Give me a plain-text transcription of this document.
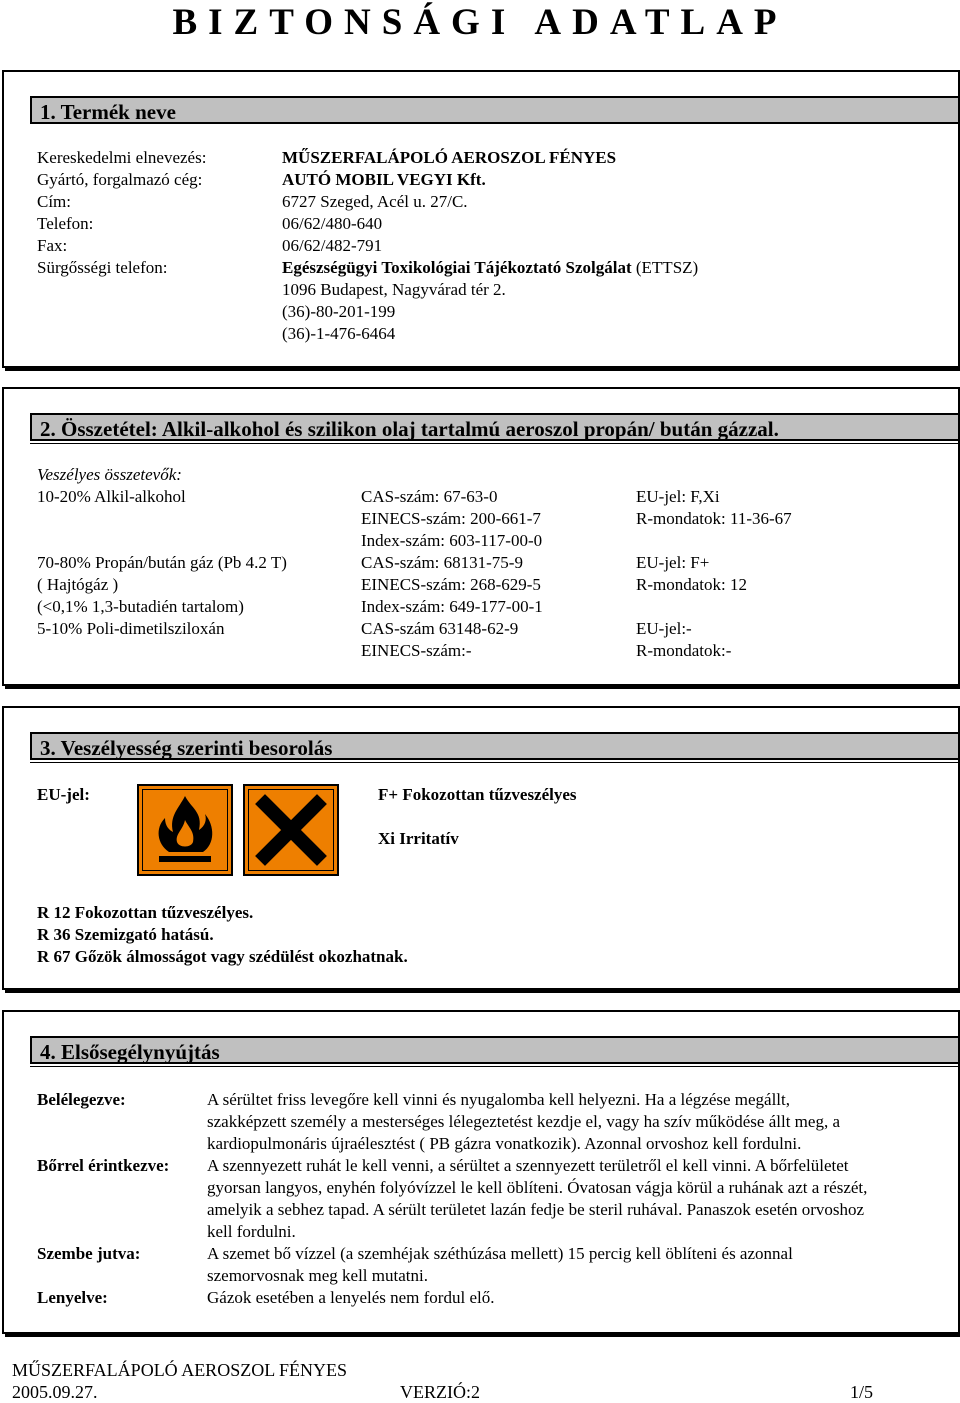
BIZTONSÁGI ADATLAP
1. Termék neve
Kereskedelmi elnevezés:	MŰSZERFALÁPOLÓ AEROSZOL FÉNYES
Gyártó, forgalmazó cég:	AUTÓ MOBIL VEGYI Kft.
Cím:	6727 Szeged, Acél u. 27/C.
Telefon:	06/62/480-640
Fax:	06/62/482-791
Sürgősségi telefon:	Egészségügyi Toxikológiai Tájékoztató Szolgálat (ETTSZ)
1096 Budapest, Nagyvárad tér 2.
(36)-80-201-199
(36)-1-476-6464
2. Összetétel: Alkil-alkohol és szilikon olaj tartalmú aeroszol propán/ bután gázzal.
Veszélyes összetevők:
10-20% Alkil-alkohol	CAS-szám: 67-63-0	EU-jel: F,Xi
EINECS-szám: 200-661-7	R-mondatok: 11-36-67
Index-szám: 603-117-00-0
70-80% Propán/bután gáz (Pb 4.2 T)	CAS-szám: 68131-75-9	EU-jel: F+
( Hajtógáz )	EINECS-szám: 268-629-5	R-mondatok: 12
(<0,1% 1,3-butadién tartalom)	Index-szám: 649-177-00-1
5-10% Poli-dimetilsziloxán	CAS-szám 63148-62-9	EU-jel:-
EINECS-szám:-	R-mondatok:-
3. Veszélyesség szerinti besorolás
EU-jel:	F+ Fokozottan tűzveszélyes
Xi Irritatív
R 12 Fokozottan tűzveszélyes.
R 36 Szemizgató hatású.
R 67 Gőzök álmosságot vagy szédülést okozhatnak.
4. Elsősegélynyújtás
Belélegezve:	A sérültet friss levegőre kell vinni és nyugalomba kell helyezni. Ha a légzése megállt,
szakképzett személy a mesterséges lélegeztetést kezdje el, vagy ha szív működése állt meg, a
kardiopulmonáris újraélesztést ( PB gázra vonatkozik). Azonnal orvoshoz kell fordulni.
Bőrrel érintkezve: A szennyezett ruhát le kell venni, a sérültet a szennyezett területről el kell vinni. A bőrfelületet
gyorsan langyos, enyhén folyóvízzel le kell öblíteni. Óvatosan vágja körül a ruhának azt a részét,
amelyik a sebhez tapad. A sérült területet lazán fedje be steril ruhával. Panaszok esetén orvoshoz
kell fordulni.
Szembe jutva:	A szemet bő vízzel (a szemhéjak széthúzása mellett) 15 percig kell öblíteni és azonnal
szemorvosnak meg kell mutatni.
Lenyelve:	Gázok esetében a lenyelés nem fordul elő.
MŰSZERFALÁPOLÓ AEROSZOL FÉNYES
2005.09.27.	VERZIÓ:2	1/5
